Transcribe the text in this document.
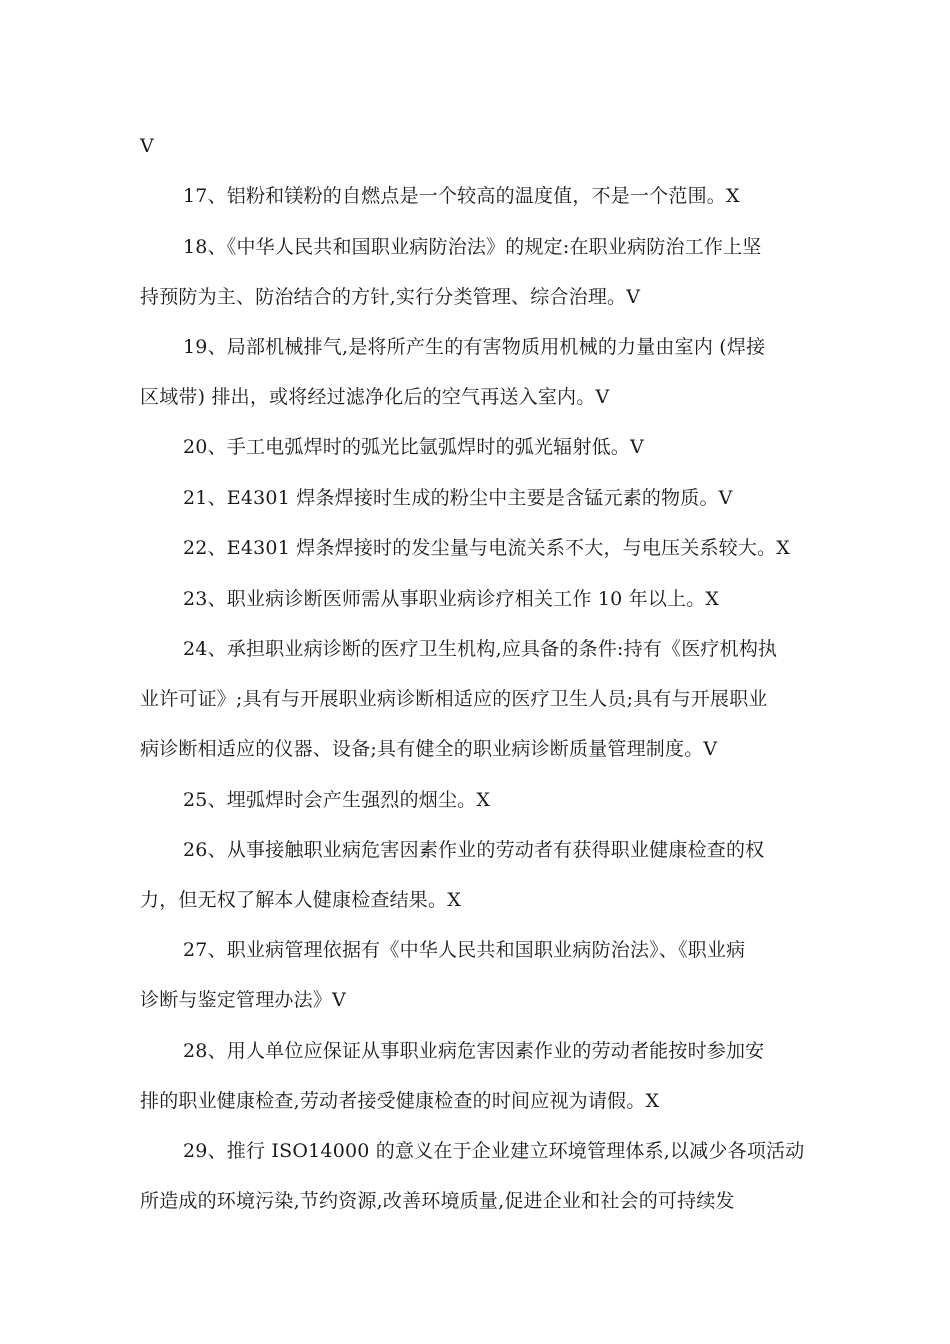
V
17、铝粉和镁粉的自燃点是一个较高的温度值，不是一个范围。X
18、《中华人民共和国职业病防治法》的规定:在职业病防治工作上坚
持预防为主、防治结合的方针,实行分类管理、综合治理。V
19、局部机械排气,是将所产生的有害物质用机械的力量由室内 (焊接
区域带) 排出，或将经过滤净化后的空气再送入室内。V
20、手工电弧焊时的弧光比氩弧焊时的弧光辐射低。V
21、E4301 焊条焊接时生成的粉尘中主要是含锰元素的物质。V
22、E4301 焊条焊接时的发尘量与电流关系不大，与电压关系较大。X
23、职业病诊断医师需从事职业病诊疗相关工作 10 年以上。X
24、承担职业病诊断的医疗卫生机构,应具备的条件:持有《医疗机构执
业许可证》;具有与开展职业病诊断相适应的医疗卫生人员;具有与开展职业
病诊断相适应的仪器、设备;具有健全的职业病诊断质量管理制度。V
25、埋弧焊时会产生强烈的烟尘。X
26、从事接触职业病危害因素作业的劳动者有获得职业健康检查的权
力，但无权了解本人健康检查结果。X
27、职业病管理依据有《中华人民共和国职业病防治法》、《职业病
诊断与鉴定管理办法》V
28、用人单位应保证从事职业病危害因素作业的劳动者能按时参加安
排的职业健康检查,劳动者接受健康检查的时间应视为请假。X
29、推行 ISO14000 的意义在于企业建立环境管理体系,以减少各项活动
所造成的环境污染,节约资源,改善环境质量,促进企业和社会的可持续发
